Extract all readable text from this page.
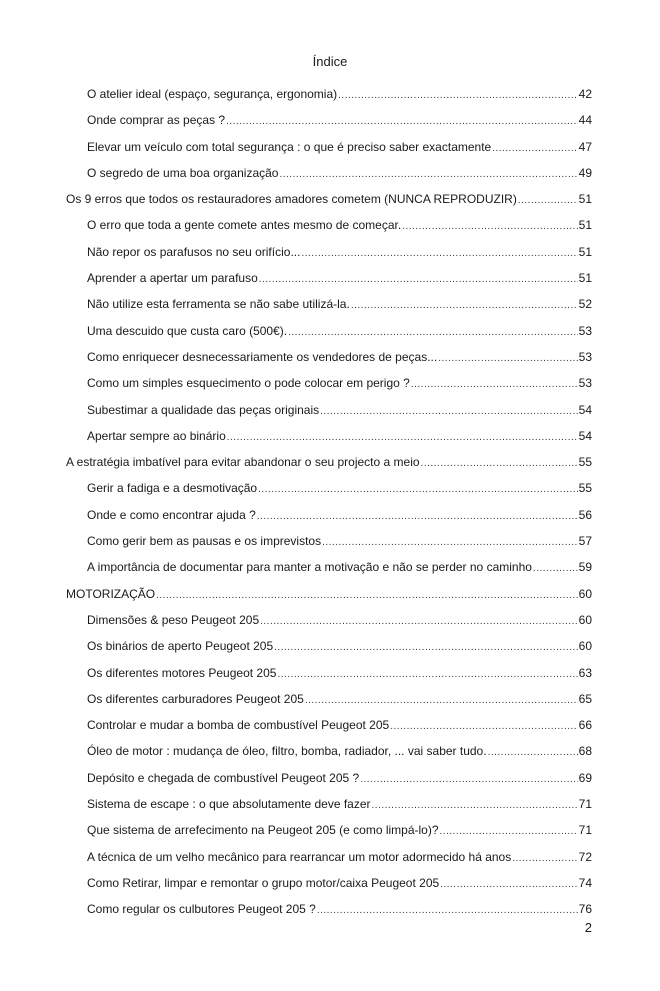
Índice
O atelier ideal (espaço, segurança, ergonomia) .....	42
Onde comprar as peças ? .....	44
Elevar um veículo com total segurança : o que é preciso saber exactamente .....	47
O segredo de uma boa organização .....	49
Os 9 erros que todos os restauradores amadores cometem (NUNCA REPRODUZIR) .....	51
O erro que toda a gente comete antes mesmo de começar. .....	51
Não repor os parafusos no seu orifício... .....	51
Aprender a apertar um parafuso .....	51
Não utilize esta ferramenta se não sabe utilizá-la. .....	52
Uma descuido que custa caro (500€). .....	53
Como enriquecer desnecessariamente os vendedores de peças... .....	53
Como um simples esquecimento o pode colocar em perigo ? .....	53
Subestimar a qualidade das peças originais .....	54
Apertar sempre ao binário .....	54
A estratégia imbatível para evitar abandonar o seu projecto a meio .....	55
Gerir a fadiga e a desmotivação .....	55
Onde e como encontrar ajuda ? .....	56
Como gerir bem as pausas e os imprevistos .....	57
A importância de documentar para manter a motivação e não se perder no caminho .....	59
MOTORIZAÇÃO .....	60
Dimensões & peso Peugeot 205 .....	60
Os binários de aperto Peugeot 205 .....	60
Os diferentes motores Peugeot 205 .....	63
Os diferentes carburadores Peugeot 205 .....	65
Controlar e mudar a bomba de combustível Peugeot 205 .....	66
Óleo de motor : mudança de óleo, filtro, bomba, radiador, ... vai saber tudo. .....	68
Depósito e chegada de combustível Peugeot 205 ? .....	69
Sistema de escape : o que absolutamente deve fazer .....	71
Que sistema de arrefecimento na Peugeot 205 (e como limpá-lo)? .....	71
A técnica de um velho mecânico para rearrancar um motor adormecido há anos .....	72
Como Retirar, limpar e remontar o grupo motor/caixa Peugeot 205 .....	74
Como regular os culbutores Peugeot 205 ? .....	76
2
